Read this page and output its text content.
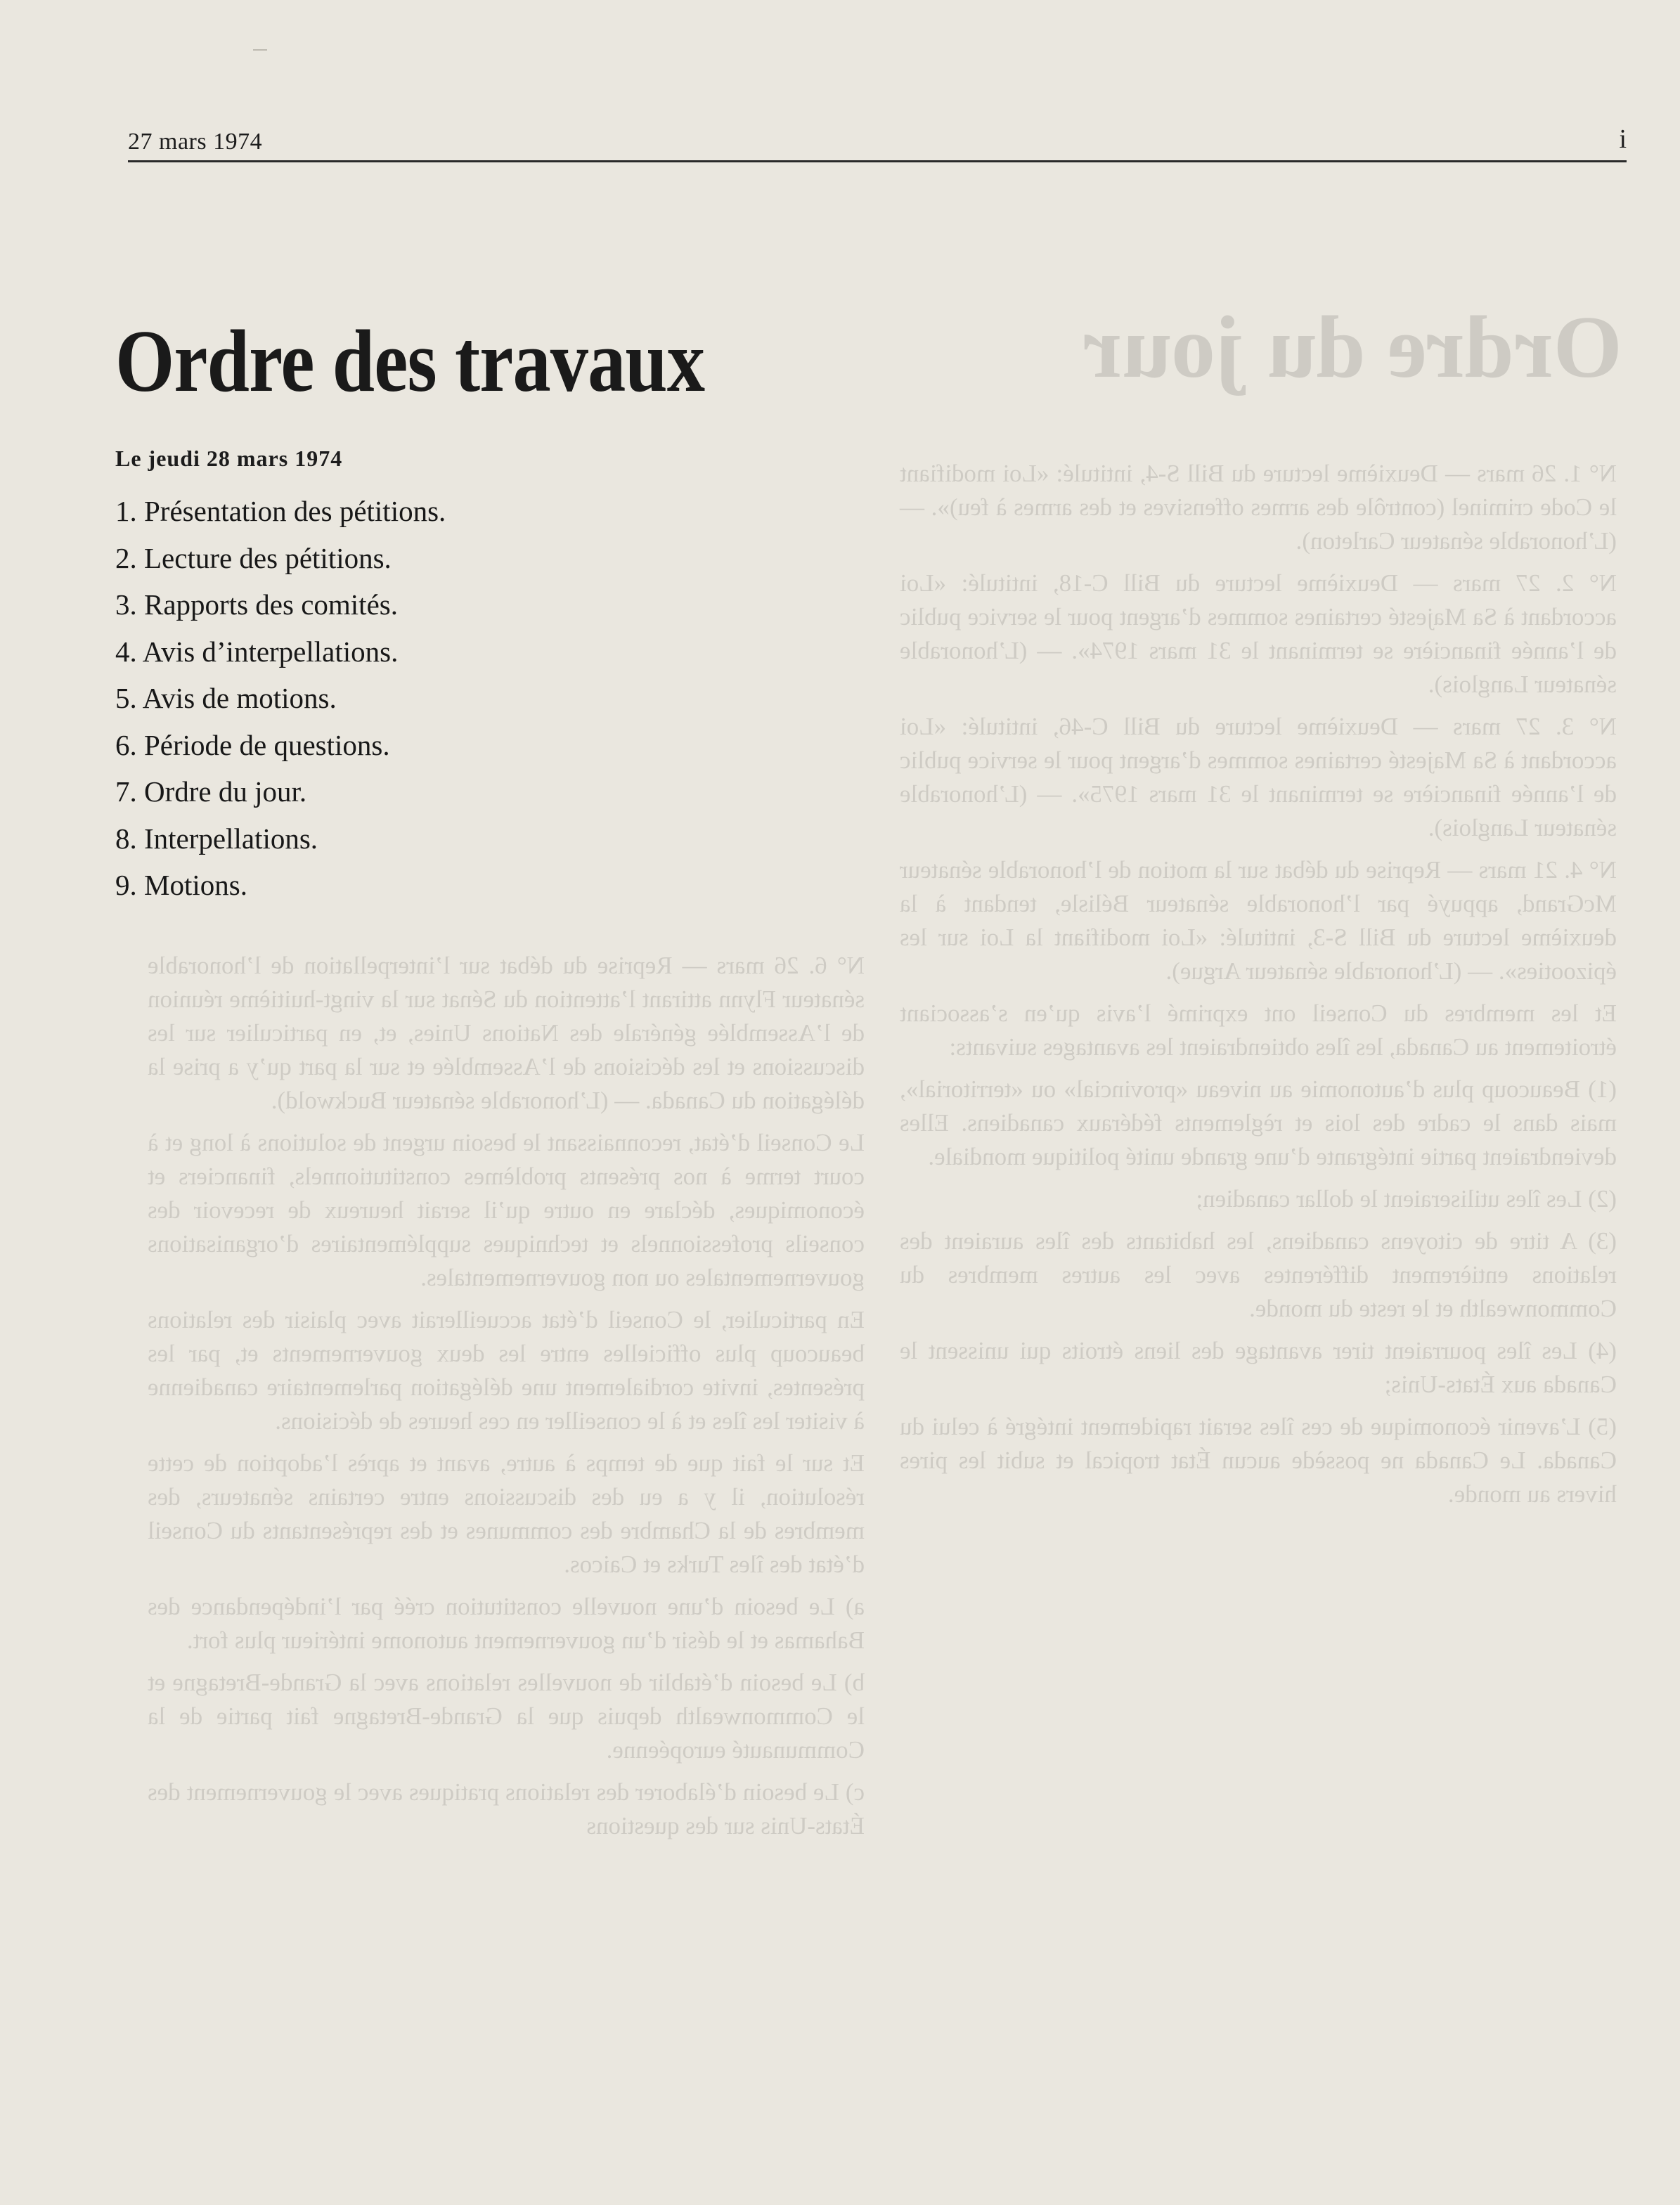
Ordre du jour

N° 1. 26 mars — Deuxième lecture du Bill S-4, intitulé: «Loi modifiant le Code criminel (contrôle des armes offensives et des armes à feu)». — (L’honorable sénateur Carleton).

N° 2. 27 mars — Deuxième lecture du Bill C-18, intitulé: «Loi accordant à Sa Majesté certaines sommes d’argent pour le service public de l’année financière se terminant le 31 mars 1974». — (L’honorable sénateur Langlois).

N° 3. 27 mars — Deuxième lecture du Bill C-46, intitulé: «Loi accordant à Sa Majesté certaines sommes d’argent pour le service public de l’année financière se terminant le 31 mars 1975». — (L’honorable sénateur Langlois).

N° 4. 21 mars — Reprise du débat sur la motion de l’honorable sénateur McGrand, appuyé par l’honorable sénateur Bélisle, tendant à la deuxième lecture du Bill S-3, intitulé: «Loi modifiant la Loi sur les épizooties». — (L’honorable sénateur Argue).

Et les membres du Conseil ont exprimé l’avis qu’en s’associant étroitement au Canada, les îles obtiendraient les avantages suivants:

(1) Beaucoup plus d’autonomie au niveau «provincial» ou «territorial», mais dans le cadre des lois et règlements fédéraux canadiens. Elles deviendraient partie intégrante d’une grande unité politique mondiale.

(2) Les îles utiliseraient le dollar canadien;

(3) A titre de citoyens canadiens, les habitants des îles auraient des relations entièrement différentes avec les autres membres du Commonwealth et le reste du monde.

(4) Les îles pourraient tirer avantage des liens étroits qui unissent le Canada aux États-Unis;

(5) L’avenir économique de ces îles serait rapidement intégré à celui du Canada. Le Canada ne possède aucun État tropical et subit les pires hivers au monde.

N° 6. 26 mars — Reprise du débat sur l’interpellation de l’honorable sénateur Flynn attirant l’attention du Sénat sur la vingt-huitième réunion de l’Assemblée générale des Nations Unies, et, en particulier sur les discussions et les décisions de l’Assemblée et sur la part qu’y a prise la délégation du Canada. — (L’honorable sénateur Buckwold).

Le Conseil d’état, reconnaissant le besoin urgent de solutions à long et à court terme à nos présents problèmes constitutionnels, financiers et économiques, déclare en outre qu’il serait heureux de recevoir des conseils professionnels et techniques supplémentaires d’organisations gouvernementales ou non gouvernementales.

En particulier, le Conseil d’état accueillerait avec plaisir des relations beaucoup plus officielles entre les deux gouvernements et, par les présentes, invite cordialement une délégation parlementaire canadienne à visiter les îles et à le conseiller en ces heures de décisions.

Et sur le fait que de temps à autre, avant et après l’adoption de cette résolution, il y a eu des discussions entre certains sénateurs, des membres de la Chambre des communes et des représentants du Conseil d’état des îles Turks et Caicos.

a) Le besoin d’une nouvelle constitution créé par l’indépendance des Bahamas et le désir d’un gouvernement autonome intérieur plus fort.

b) Le besoin d’établir de nouvelles relations avec la Grande-Bretagne et le Commonwealth depuis que la Grande-Bretagne fait partie de la Communauté européenne.

c) Le besoin d’élaborer des relations pratiques avec le gouvernement des États-Unis sur des questions

27 mars 1974	i
Ordre des travaux
Le jeudi 28 mars 1974
1. Présentation des pétitions.
2. Lecture des pétitions.
3. Rapports des comités.
4. Avis d’interpellations.
5. Avis de motions.
6. Période de questions.
7. Ordre du jour.
8. Interpellations.
9. Motions.
